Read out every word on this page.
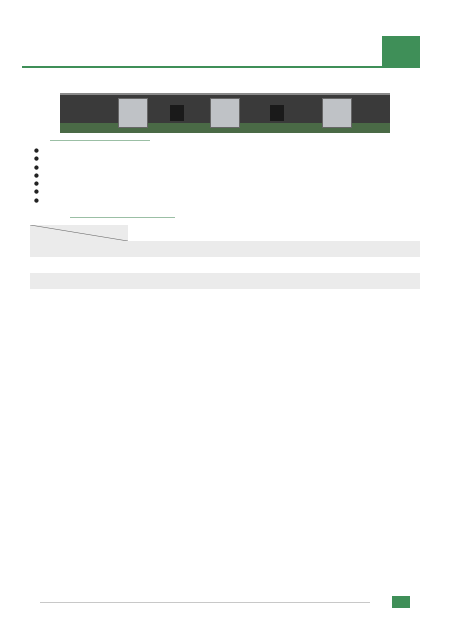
●
●
●
●
●
●
●
